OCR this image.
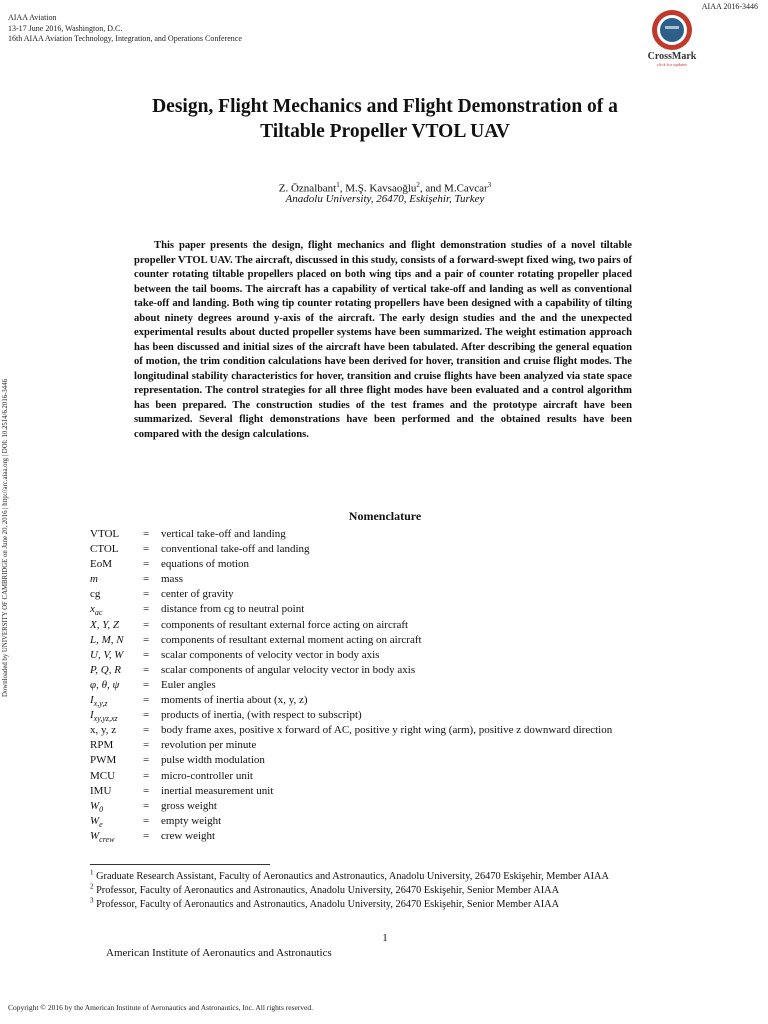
AIAA Aviation
13-17 June 2016, Washington, D.C.
16th AIAA Aviation Technology, Integration, and Operations Conference
AIAA 2016-3446
CrossMark
click for updates
Design, Flight Mechanics and Flight Demonstration of a
Tiltable Propeller VTOL UAV
Z. Öznalbant$^1$, M.Ş. Kavsaoğlu$^2$, and M.Cavcar$^3$
Anadolu University, 26470, Eskişehir, Turkey

This paper presents the design, flight mechanics and flight demonstration studies of a novel tiltable propeller VTOL UAV. The aircraft, discussed in this study, consists of a forward-swept fixed wing, two pairs of counter rotating tiltable propellers placed on both wing tips and a pair of counter rotating propeller placed between the tail booms. The aircraft has a capability of vertical take-off and landing as well as conventional take-off and landing. Both wing tip counter rotating propellers have been designed with a capability of tilting about ninety degrees around y-axis of the aircraft. The early design studies and the and the unexpected experimental results about ducted propeller systems have been summarized. The weight estimation approach has been discussed and initial sizes of the aircraft have been tabulated. After describing the general equation of motion, the trim condition calculations have been derived for hover, transition and cruise flight modes. The longitudinal stability characteristics for hover, transition and cruise flights have been analyzed via state space representation. The control strategies for all three flight modes have been evaluated and a control algorithm has been prepared. The construction studies of the test frames and the prototype aircraft have been summarized. Several flight demonstrations have been performed and the obtained results have been compared with the design calculations.

Nomenclature
VTOL = vertical take-off and landing
CTOL = conventional take-off and landing
EoM	= equations of motion
m	= mass
cg	= center of gravity
$x_{ac}$	= distance from cg to neutral point
X, Y, Z = components of resultant external force acting on aircraft
L, M, N = components of resultant external moment acting on aircraft
U, V, W = scalar components of velocity vector in body axis
P, Q, R = scalar components of angular velocity vector in body axis
φ, θ, ψ = Euler angles
$I_{x,y,z}$	= moments of inertia about (x, y, z)
$I_{xy,yz,xz}$ = products of inertia, (with respect to subscript)
x, y, z = body frame axes, positive x forward of AC, positive y right wing (arm), positive z downward direction
RPM	= revolution per minute
PWM = pulse width modulation
MCU	= micro-controller unit
IMU	= inertial measurement unit
$W_0$	= gross weight
$W_e$	= empty weight
$W_{crew}$	= crew weight

$^1$ Graduate Research Assistant, Faculty of Aeronautics and Astronautics, Anadolu University, 26470 Eskişehir, Member AIAA

$^2$ Professor, Faculty of Aeronautics and Astronautics, Anadolu University, 26470 Eskişehir, Senior Member AIAA

$^3$ Professor, Faculty of Aeronautics and Astronautics, Anadolu University, 26470 Eskişehir, Senior Member AIAA

1
American Institute of Aeronautics and Astronautics
Copyright © 2016 by the American Institute of Aeronautics and Astronautics, Inc. All rights reserved.
Downloaded by UNIVERSITY OF CAMBRIDGE on June 20, 2016 | http://arc.aiaa.org | DOI: 10.2514/6.2016-3446
